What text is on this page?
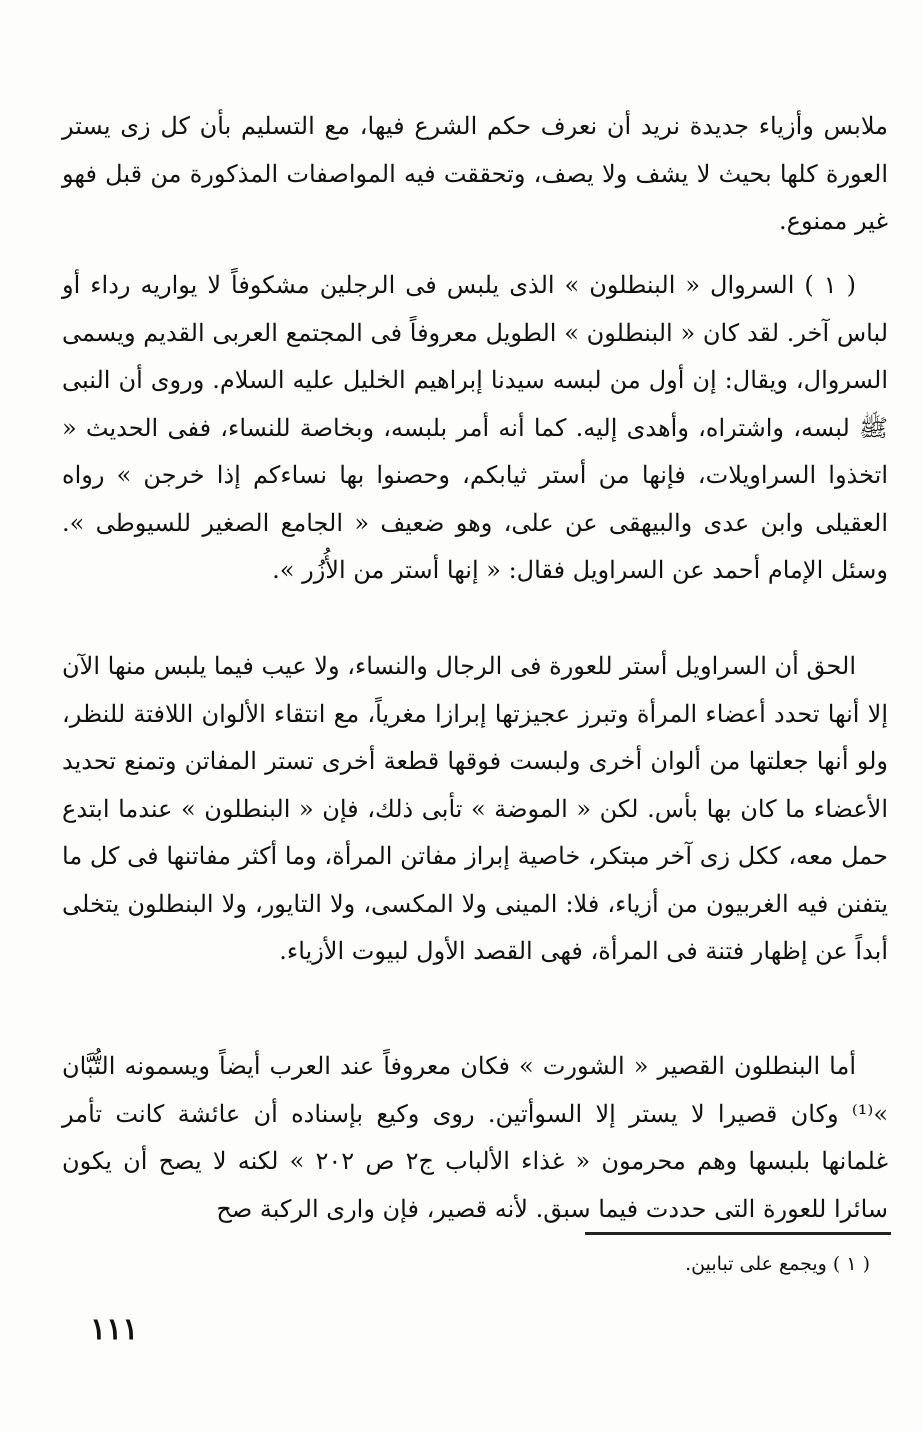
ملابس وأزياء جديدة نريد أن نعرف حكم الشرع فيها، مع التسليم بأن كل زى يستر العورة كلها بحيث لا يشف ولا يصف، وتحققت فيه المواصفات المذكورة من قبل فهو غير ممنوع.

( ١ ) السروال « البنطلون » الذى يلبس فى الرجلين مشكوفاً لا يواريه رداء أو لباس آخر. لقد كان « البنطلون » الطويل معروفاً فى المجتمع العربى القديم ويسمى السروال، ويقال: إن أول من لبسه سيدنا إبراهيم الخليل عليه السلام. وروى أن النبى ﷺ لبسه، واشتراه، وأهدى إليه. كما أنه أمر بلبسه، وبخاصة للنساء، ففى الحديث « اتخذوا السراويلات، فإنها من أستر ثيابكم، وحصنوا بها نساءكم إذا خرجن » رواه العقيلى وابن عدى والبيهقى عن على، وهو ضعيف « الجامع الصغير للسيوطى ». وسئل الإمام أحمد عن السراويل فقال: « إنها أستر من الأُزُر ».

الحق أن السراويل أستر للعورة فى الرجال والنساء، ولا عيب فيما يلبس منها الآن إلا أنها تحدد أعضاء المرأة وتبرز عجيزتها إبرازا مغرياً، مع انتقاء الألوان اللافتة للنظر، ولو أنها جعلتها من ألوان أخرى ولبست فوقها قطعة أخرى تستر المفاتن وتمنع تحديد الأعضاء ما كان بها بأس. لكن « الموضة » تأبى ذلك، فإن « البنطلون » عندما ابتدع حمل معه، ككل زى آخر مبتكر، خاصية إبراز مفاتن المرأة، وما أكثر مفاتنها فى كل ما يتفنن فيه الغربيون من أزياء، فلا: المينى ولا المكسى، ولا التايور، ولا البنطلون يتخلى أبداً عن إظهار فتنة فى المرأة، فهى القصد الأول لبيوت الأزياء.

أما البنطلون القصير « الشورت » فكان معروفاً عند العرب أيضاً ويسمونه التُّبَّان »⁽¹⁾ وكان قصيرا لا يستر إلا السوأتين. روى وكيع بإسناده أن عائشة كانت تأمر غلمانها بلبسها وهم محرمون « غذاء الألباب ج٢ ص ٢٠٢ » لكنه لا يصح أن يكون سائرا للعورة التى حددت فيما سبق. لأنه قصير، فإن وارى الركبة صح

( ١ ) ويجمع على تبابين.
١١١
